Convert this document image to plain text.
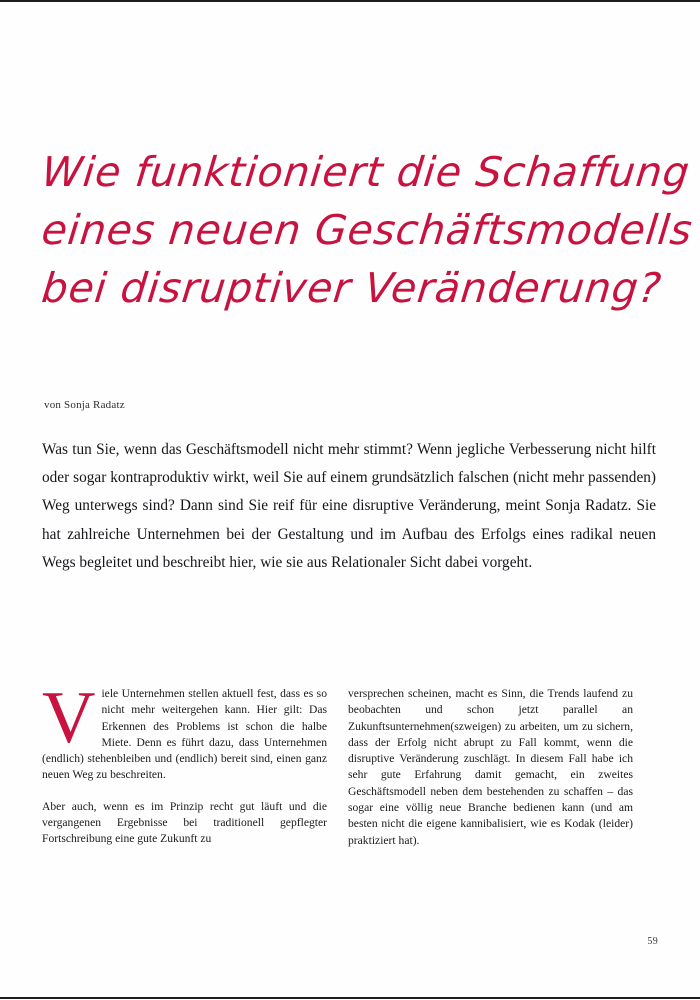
Wie funktioniert die Schaffung
eines neuen Geschäftsmodells
bei disruptiver Veränderung?
von Sonja Radatz

Was tun Sie, wenn das Geschäftsmodell nicht mehr stimmt? Wenn jegliche Verbesserung nicht hilft oder sogar kontraproduktiv wirkt, weil Sie auf einem grundsätzlich falschen (nicht mehr passenden) Weg unterwegs sind? Dann sind Sie reif für eine disruptive Veränderung, meint Sonja Radatz. Sie hat zahlreiche Unternehmen bei der Gestaltung und im Aufbau des Erfolgs eines radikal neuen Wegs begleitet und beschreibt hier, wie sie aus Relationaler Sicht dabei vorgeht.

Viele Unternehmen stellen aktuell fest, dass es so nicht mehr weitergehen kann. Hier gilt: Das Erkennen des Problems ist schon die halbe Miete. Denn es führt dazu, dass Unternehmen (endlich) stehenbleiben und (endlich) bereit sind, einen ganz neuen Weg zu beschreiten.

Aber auch, wenn es im Prinzip recht gut läuft und die vergangenen Ergebnisse bei traditionell gepflegter Fortschreibung eine gute Zukunft zu

versprechen scheinen, macht es Sinn, die Trends laufend zu beobachten und schon jetzt parallel an Zukunftsunternehmen(szweigen) zu arbeiten, um zu sichern, dass der Erfolg nicht abrupt zu Fall kommt, wenn die disruptive Veränderung zuschlägt. In diesem Fall habe ich sehr gute Erfahrung damit gemacht, ein zweites Geschäftsmodell neben dem bestehenden zu schaffen – das sogar eine völlig neue Branche bedienen kann (und am besten nicht die eigene kannibalisiert, wie es Kodak (leider) praktiziert hat).

59
